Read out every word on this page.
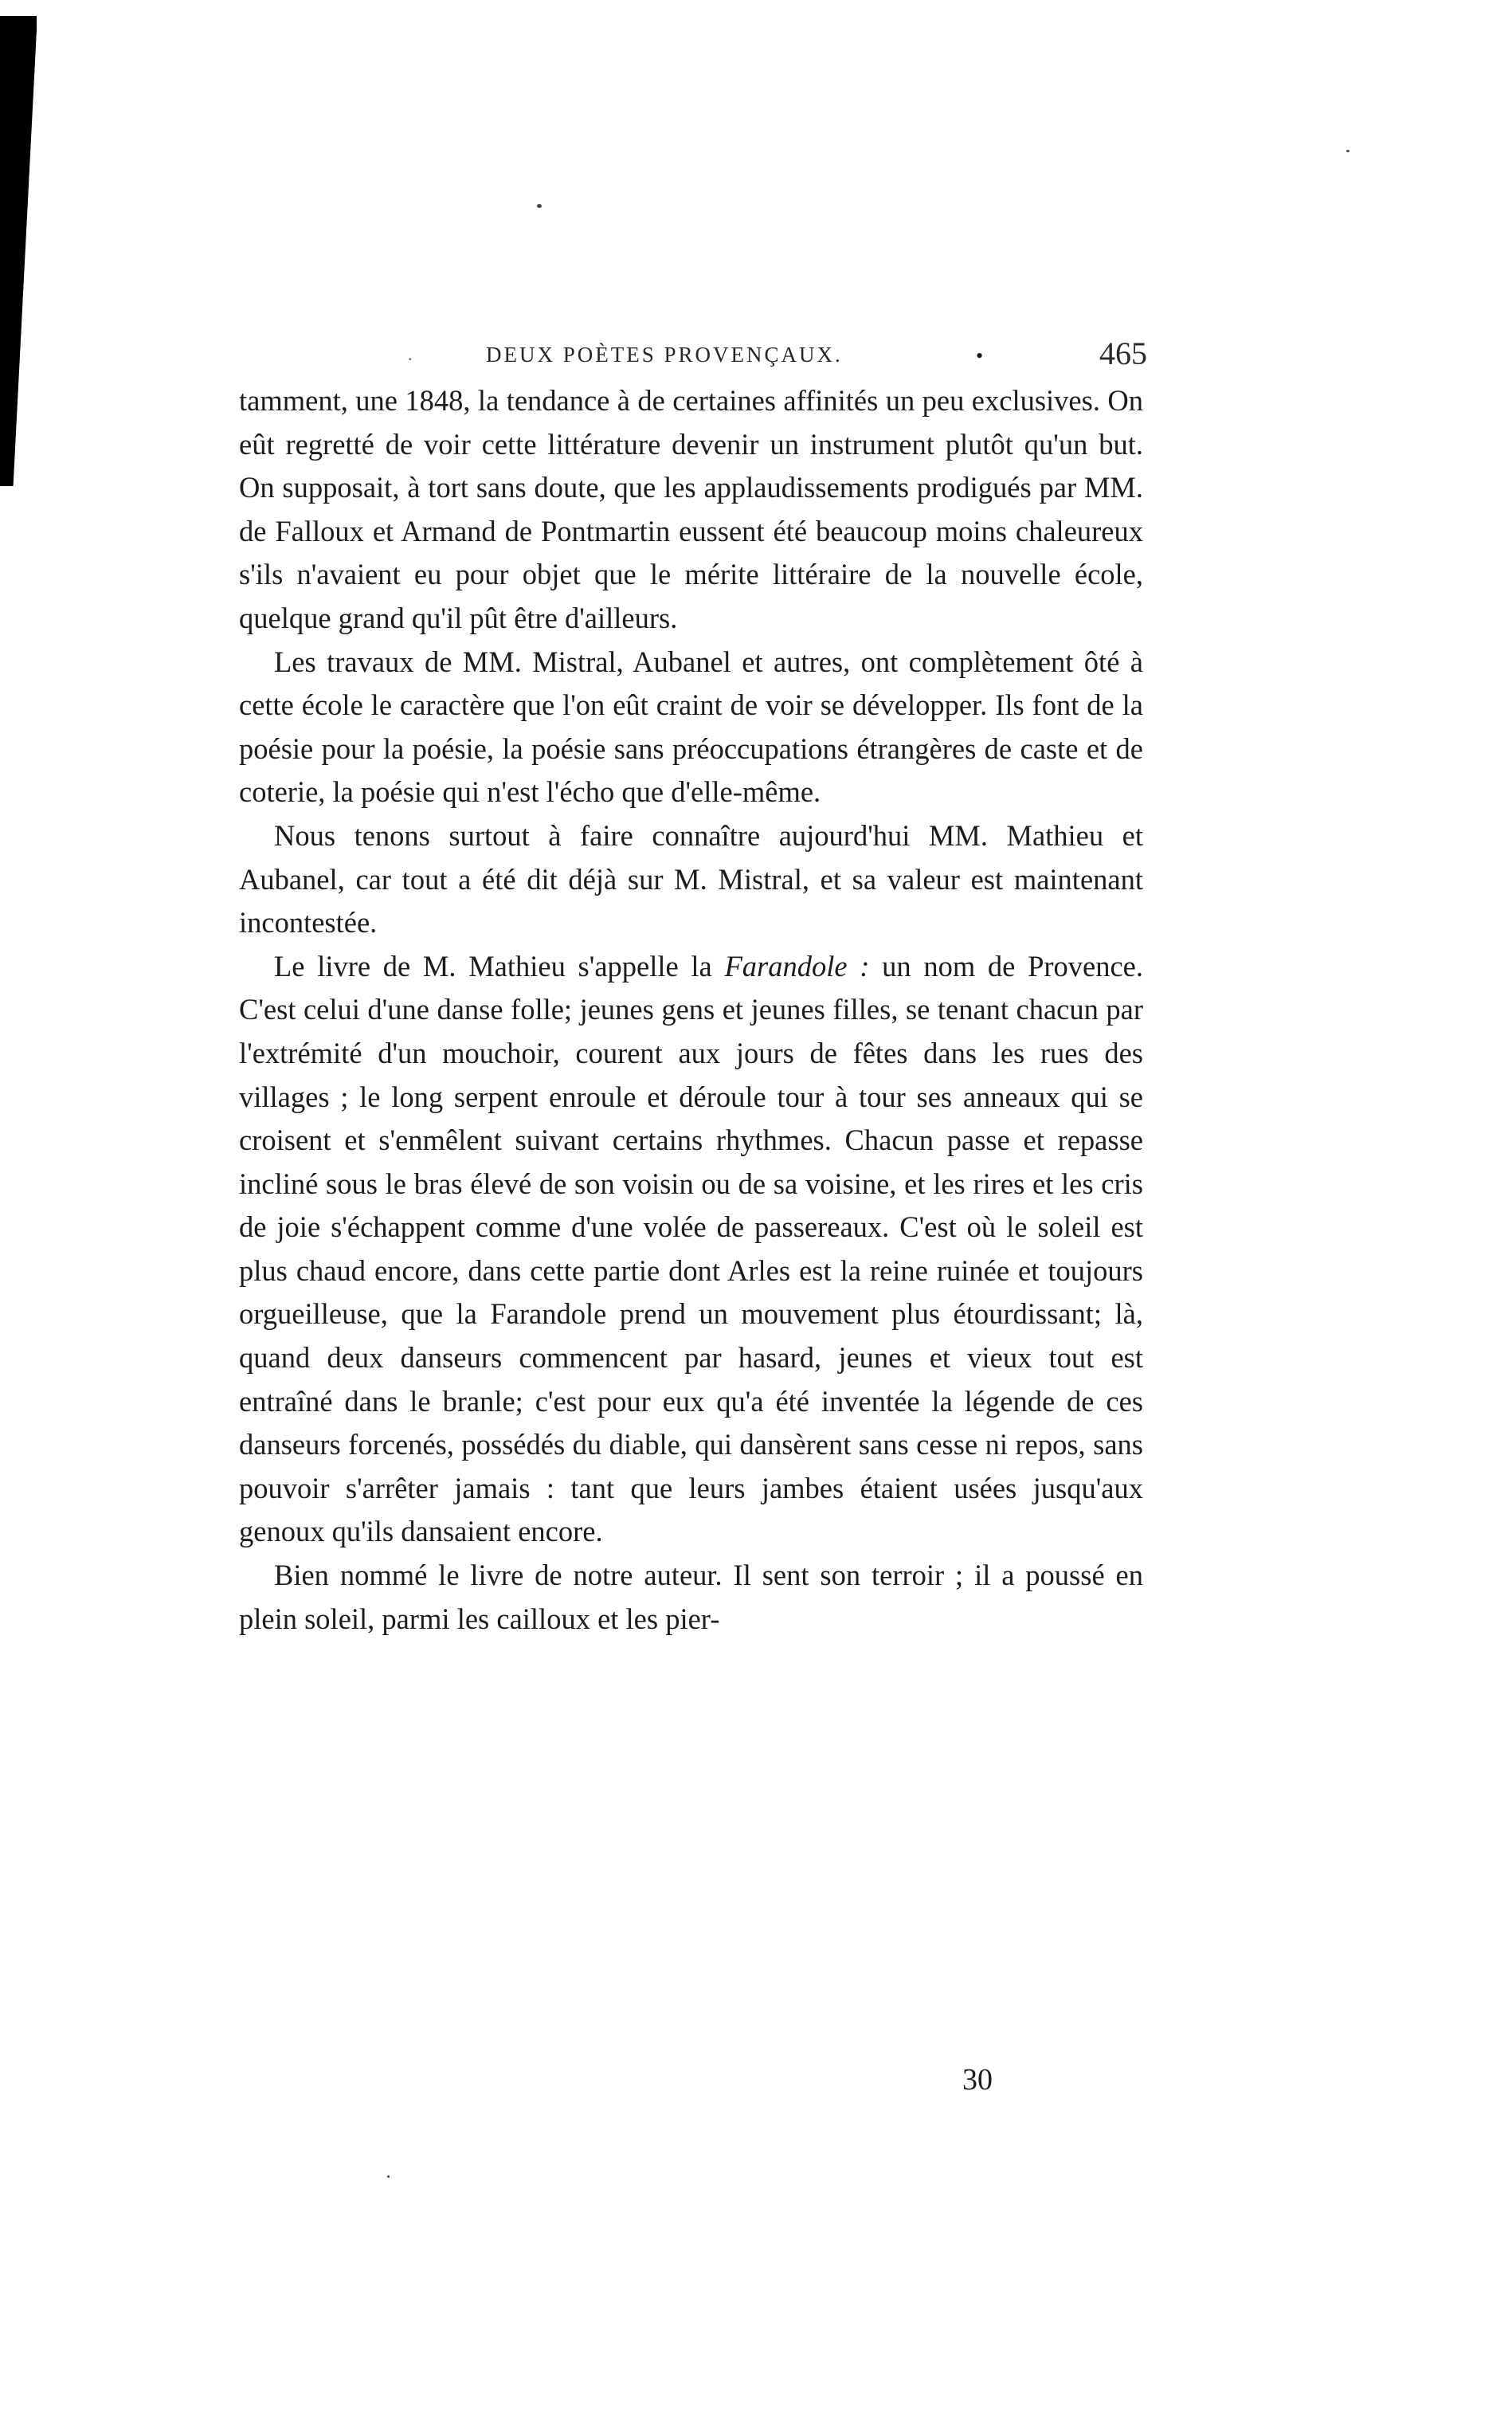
.	DEUX POÈTES PROVENÇAUX.	•	465

tamment, une 1848, la tendance à de certaines affinités un peu exclusives. On eût regretté de voir cette littérature devenir un instrument plutôt qu'un but. On supposait, à tort sans doute, que les applaudissements prodigués par MM. de Falloux et Armand de Pontmartin eussent été beaucoup moins chaleureux s'ils n'avaient eu pour objet que le mérite littéraire de la nouvelle école, quelque grand qu'il pût être d'ailleurs.

Les travaux de MM. Mistral, Aubanel et autres, ont complètement ôté à cette école le caractère que l'on eût craint de voir se développer. Ils font de la poésie pour la poésie, la poésie sans préoccupations étrangères de caste et de coterie, la poésie qui n'est l'écho que d'elle-même.

Nous tenons surtout à faire connaître aujourd'hui MM. Mathieu et Aubanel, car tout a été dit déjà sur M. Mistral, et sa valeur est maintenant incontestée.

Le livre de M. Mathieu s'appelle la Farandole : un nom de Provence. C'est celui d'une danse folle; jeunes gens et jeunes filles, se tenant chacun par l'extrémité d'un mouchoir, courent aux jours de fêtes dans les rues des villages ; le long serpent enroule et déroule tour à tour ses anneaux qui se croisent et s'enmêlent suivant certains rhythmes. Chacun passe et repasse incliné sous le bras élevé de son voisin ou de sa voisine, et les rires et les cris de joie s'échappent comme d'une volée de passereaux. C'est où le soleil est plus chaud encore, dans cette partie dont Arles est la reine ruinée et toujours orgueilleuse, que la Farandole prend un mouvement plus étourdissant; là, quand deux danseurs commencent par hasard, jeunes et vieux tout est entraîné dans le branle; c'est pour eux qu'a été inventée la légende de ces danseurs forcenés, possédés du diable, qui dansèrent sans cesse ni repos, sans pouvoir s'arrêter jamais : tant que leurs jambes étaient usées jusqu'aux genoux qu'ils dansaient encore.

Bien nommé le livre de notre auteur. Il sent son terroir ; il a poussé en plein soleil, parmi les cailloux et les pier-

30
